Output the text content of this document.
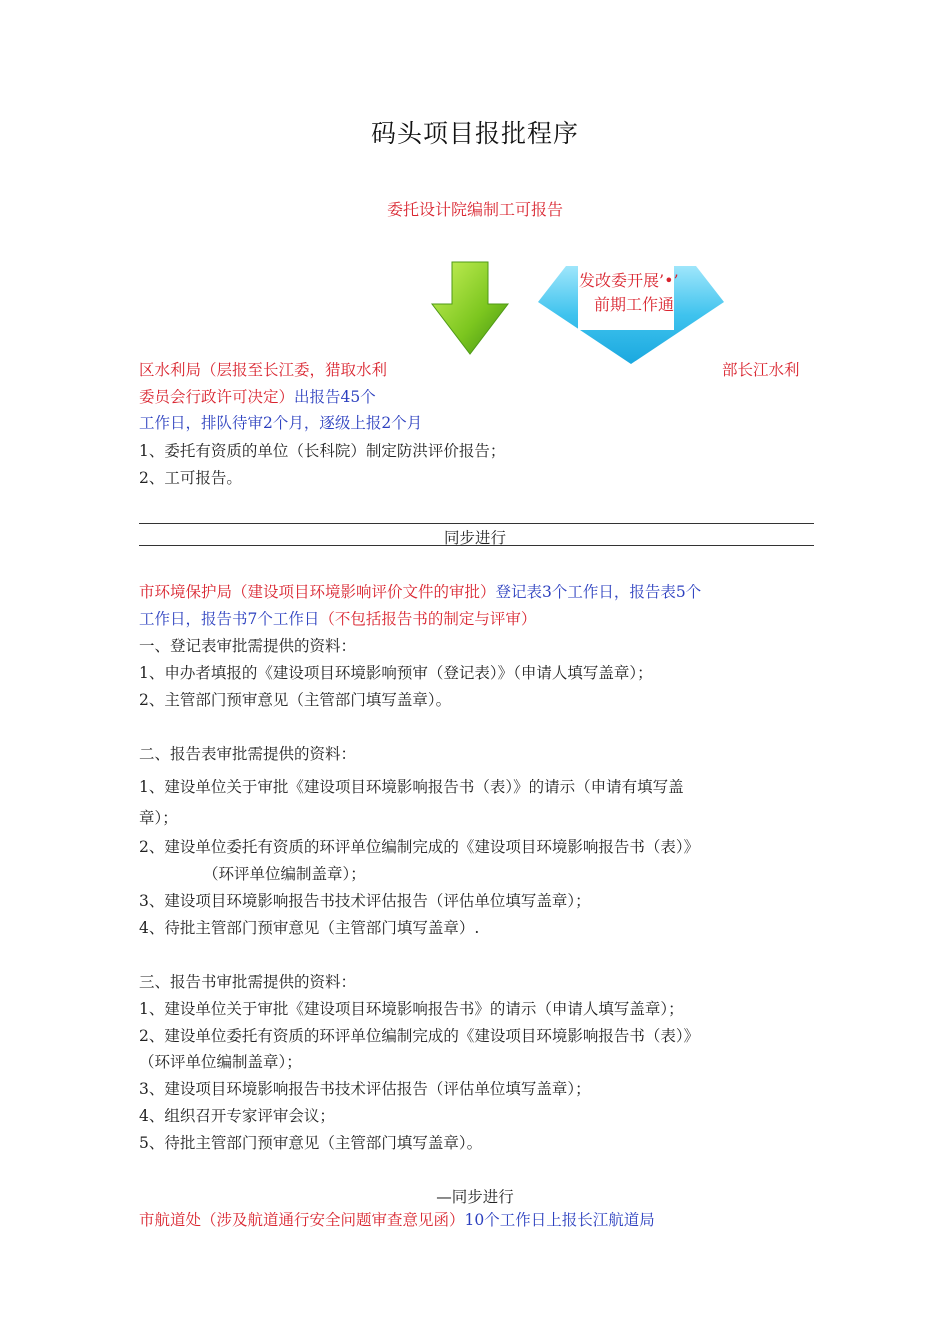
码头项目报批程序
委托设计院编制工可报告
发改委开展’•’
前期工作通
区水利局（层报至长江委，猎取水利	部长江水利
委员会行政许可决定）出报告45个
工作日，排队待审2个月，逐级上报2个月
1、委托有资质的单位（长科院）制定防洪评价报告；
2、工可报告。
同步进行
市环境保护局（建设项目环境影响评价文件的审批）登记表3个工作日，报告表5个
工作日，报告书7个工作日（不包括报告书的制定与评审）
一、登记表审批需提供的资料：
1、申办者填报的《建设项目环境影响预审（登记表）》（申请人填写盖章）；
2、主管部门预审意见（主管部门填写盖章）。
二、报告表审批需提供的资料：
1、建设单位关于审批《建设项目环境影响报告书（表）》的请示（申请有填写盖
章）；
2、建设单位委托有资质的环评单位编制完成的《建设项目环境影响报告书（表）》
（环评单位编制盖章）；
3、建设项目环境影响报告书技术评估报告（评估单位填写盖章）；
4、待批主管部门预审意见（主管部门填写盖章）.
三、报告书审批需提供的资料：
1、建设单位关于审批《建设项目环境影响报告书》的请示（申请人填写盖章）；
2、建设单位委托有资质的环评单位编制完成的《建设项目环境影响报告书（表）》
（环评单位编制盖章）；
3、建设项目环境影响报告书技术评估报告（评估单位填写盖章）；
4、组织召开专家评审会议；
5、待批主管部门预审意见（主管部门填写盖章）。
—同步进行
市航道处（涉及航道通行安全问题审查意见函）10个工作日上报长江航道局
